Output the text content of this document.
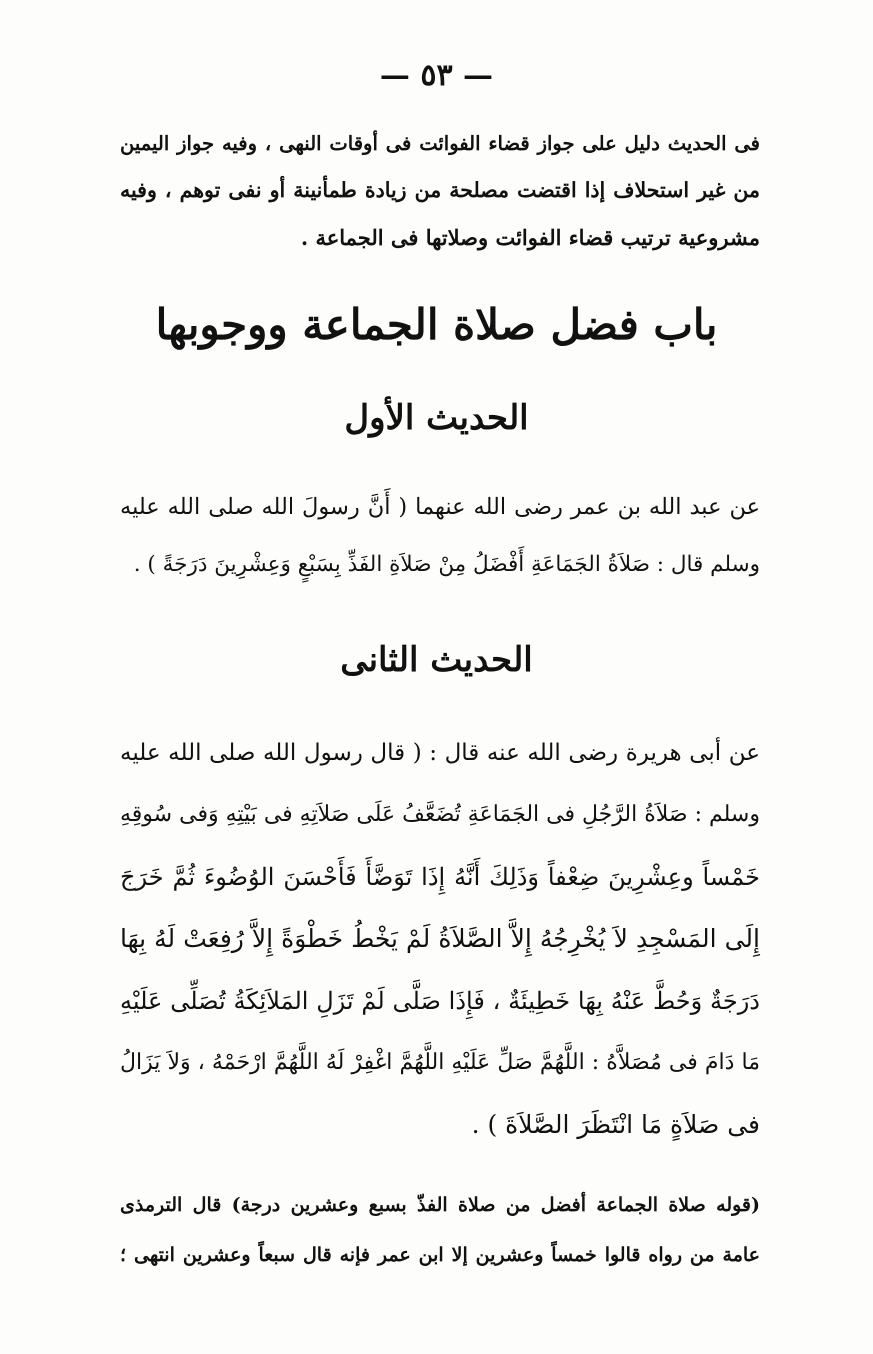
— ٥٣ —
فى الحديث دليل على جواز قضاء الفوائت فى أوقات النهى ، وفيه جواز اليمين
من غير استحلاف إذا اقتضت مصلحة من زيادة طمأنينة أو نفى توهم ، وفيه
مشروعية ترتيب قضاء الفوائت وصلاتها فى الجماعة .
باب فضل صلاة الجماعة ووجوبها
الحديث الأول
عن عبد الله بن عمر رضى الله عنهما ( أَنَّ رسولَ الله صلى الله عليه
وسلم قال : صَلاَةُ الجَمَاعَةِ أَفْضَلُ مِنْ صَلاَةِ الفَذِّ بِسَبْعٍ وَعِشْرِينَ دَرَجَةً ) .
الحديث الثانى
عن أبى هريرة رضى الله عنه قال : ( قال رسول الله صلى الله عليه
وسلم : صَلاَةُ الرَّجُلِ فى الجَمَاعَةِ تُضَعَّفُ عَلَى صَلاَتِهِ فى بَيْتِهِ وَفى سُوقِهِ
خَمْساً وعِشْرِينَ ضِعْفاً وَذَلِكَ أَنَّهُ إِذَا تَوَضَّأَ فَأَحْسَنَ الوُضُوءَ ثُمَّ خَرَجَ
إِلَى المَسْجِدِ لاَ يُخْرِجُهُ إِلاَّ الصَّلاَةُ لَمْ يَخْطُ خَطْوَةً إِلاَّ رُفِعَتْ لَهُ بِهَا
دَرَجَةٌ وَحُطَّ عَنْهُ بِهَا خَطِيئَةٌ ، فَإِذَا صَلَّى لَمْ تَزَلِ المَلاَئِكَةُ تُصَلِّى عَلَيْهِ
مَا دَامَ فى مُصَلاَّهُ : اللَّهُمَّ صَلِّ عَلَيْهِ اللَّهُمَّ اغْفِرْ لَهُ اللَّهُمَّ ارْحَمْهُ ، وَلاَ يَزَالُ
فى صَلاَةٍ مَا انْتَظَرَ الصَّلاَةَ ) .
(قوله صلاة الجماعة أفضل من صلاة الفذّ بسبع وعشرين درجة) قال الترمذى
عامة من رواه قالوا خمساً وعشرين إلا ابن عمر فإنه قال سبعاً وعشرين انتهى ؛
